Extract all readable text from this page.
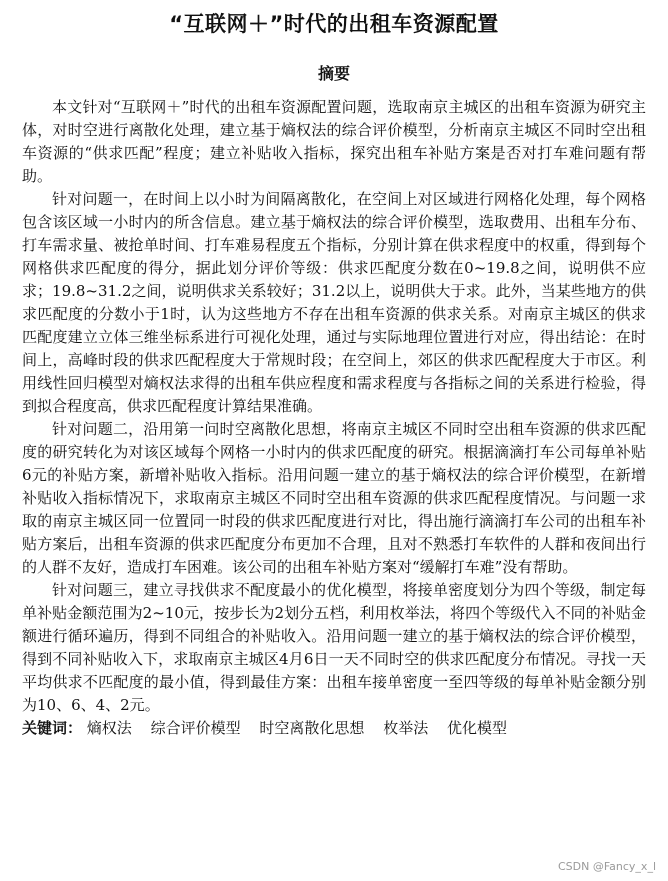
“互联网＋”时代的出租车资源配置
摘要

本文针对“互联网＋”时代的出租车资源配置问题，选取南京主城区的出租车资源为研究主体，对时空进行离散化处理，建立基于熵权法的综合评价模型，分析南京主城区不同时空出租车资源的“供求匹配”程度；建立补贴收入指标，探究出租车补贴方案是否对打车难问题有帮助。

针对问题一，在时间上以小时为间隔离散化，在空间上对区域进行网格化处理，每个网格包含该区域一小时内的所含信息。建立基于熵权法的综合评价模型，选取费用、出租车分布、打车需求量、被抢单时间、打车难易程度五个指标，分别计算在供求程度中的权重，得到每个网格供求匹配度的得分，据此划分评价等级：供求匹配度分数在0~19.8之间，说明供不应求；19.8~31.2之间，说明供求关系较好；31.2以上，说明供大于求。此外，当某些地方的供求匹配度的分数小于1时，认为这些地方不存在出租车资源的供求关系。对南京主城区的供求匹配度建立立体三维坐标系进行可视化处理，通过与实际地理位置进行对应，得出结论：在时间上，高峰时段的供求匹配程度大于常规时段；在空间上，郊区的供求匹配程度大于市区。利用线性回归模型对熵权法求得的出租车供应程度和需求程度与各指标之间的关系进行检验，得到拟合程度高，供求匹配程度计算结果准确。

针对问题二，沿用第一问时空离散化思想，将南京主城区不同时空出租车资源的供求匹配度的研究转化为对该区域每个网格一小时内的供求匹配度的研究。根据滴滴打车公司每单补贴6元的补贴方案，新增补贴收入指标。沿用问题一建立的基于熵权法的综合评价模型，在新增补贴收入指标情况下，求取南京主城区不同时空出租车资源的供求匹配程度情况。与问题一求取的南京主城区同一位置同一时段的供求匹配度进行对比，得出施行滴滴打车公司的出租车补贴方案后，出租车资源的供求匹配度分布更加不合理，且对不熟悉打车软件的人群和夜间出行的人群不友好，造成打车困难。该公司的出租车补贴方案对“缓解打车难”没有帮助。

针对问题三，建立寻找供求不配度最小的优化模型，将接单密度划分为四个等级，制定每单补贴金额范围为2~10元，按步长为2划分五档，利用枚举法，将四个等级代入不同的补贴金额进行循环遍历，得到不同组合的补贴收入。沿用问题一建立的基于熵权法的综合评价模型，得到不同补贴收入下，求取南京主城区4月6日一天不同时空的供求匹配度分布情况。寻找一天平均供求不匹配度的最小值，得到最佳方案：出租车接单密度一至四等级的每单补贴金额分别为10、6、4、2元。

关键词： 熵权法 综合评价模型 时空离散化思想 枚举法 优化模型

CSDN @Fancy_x_l
